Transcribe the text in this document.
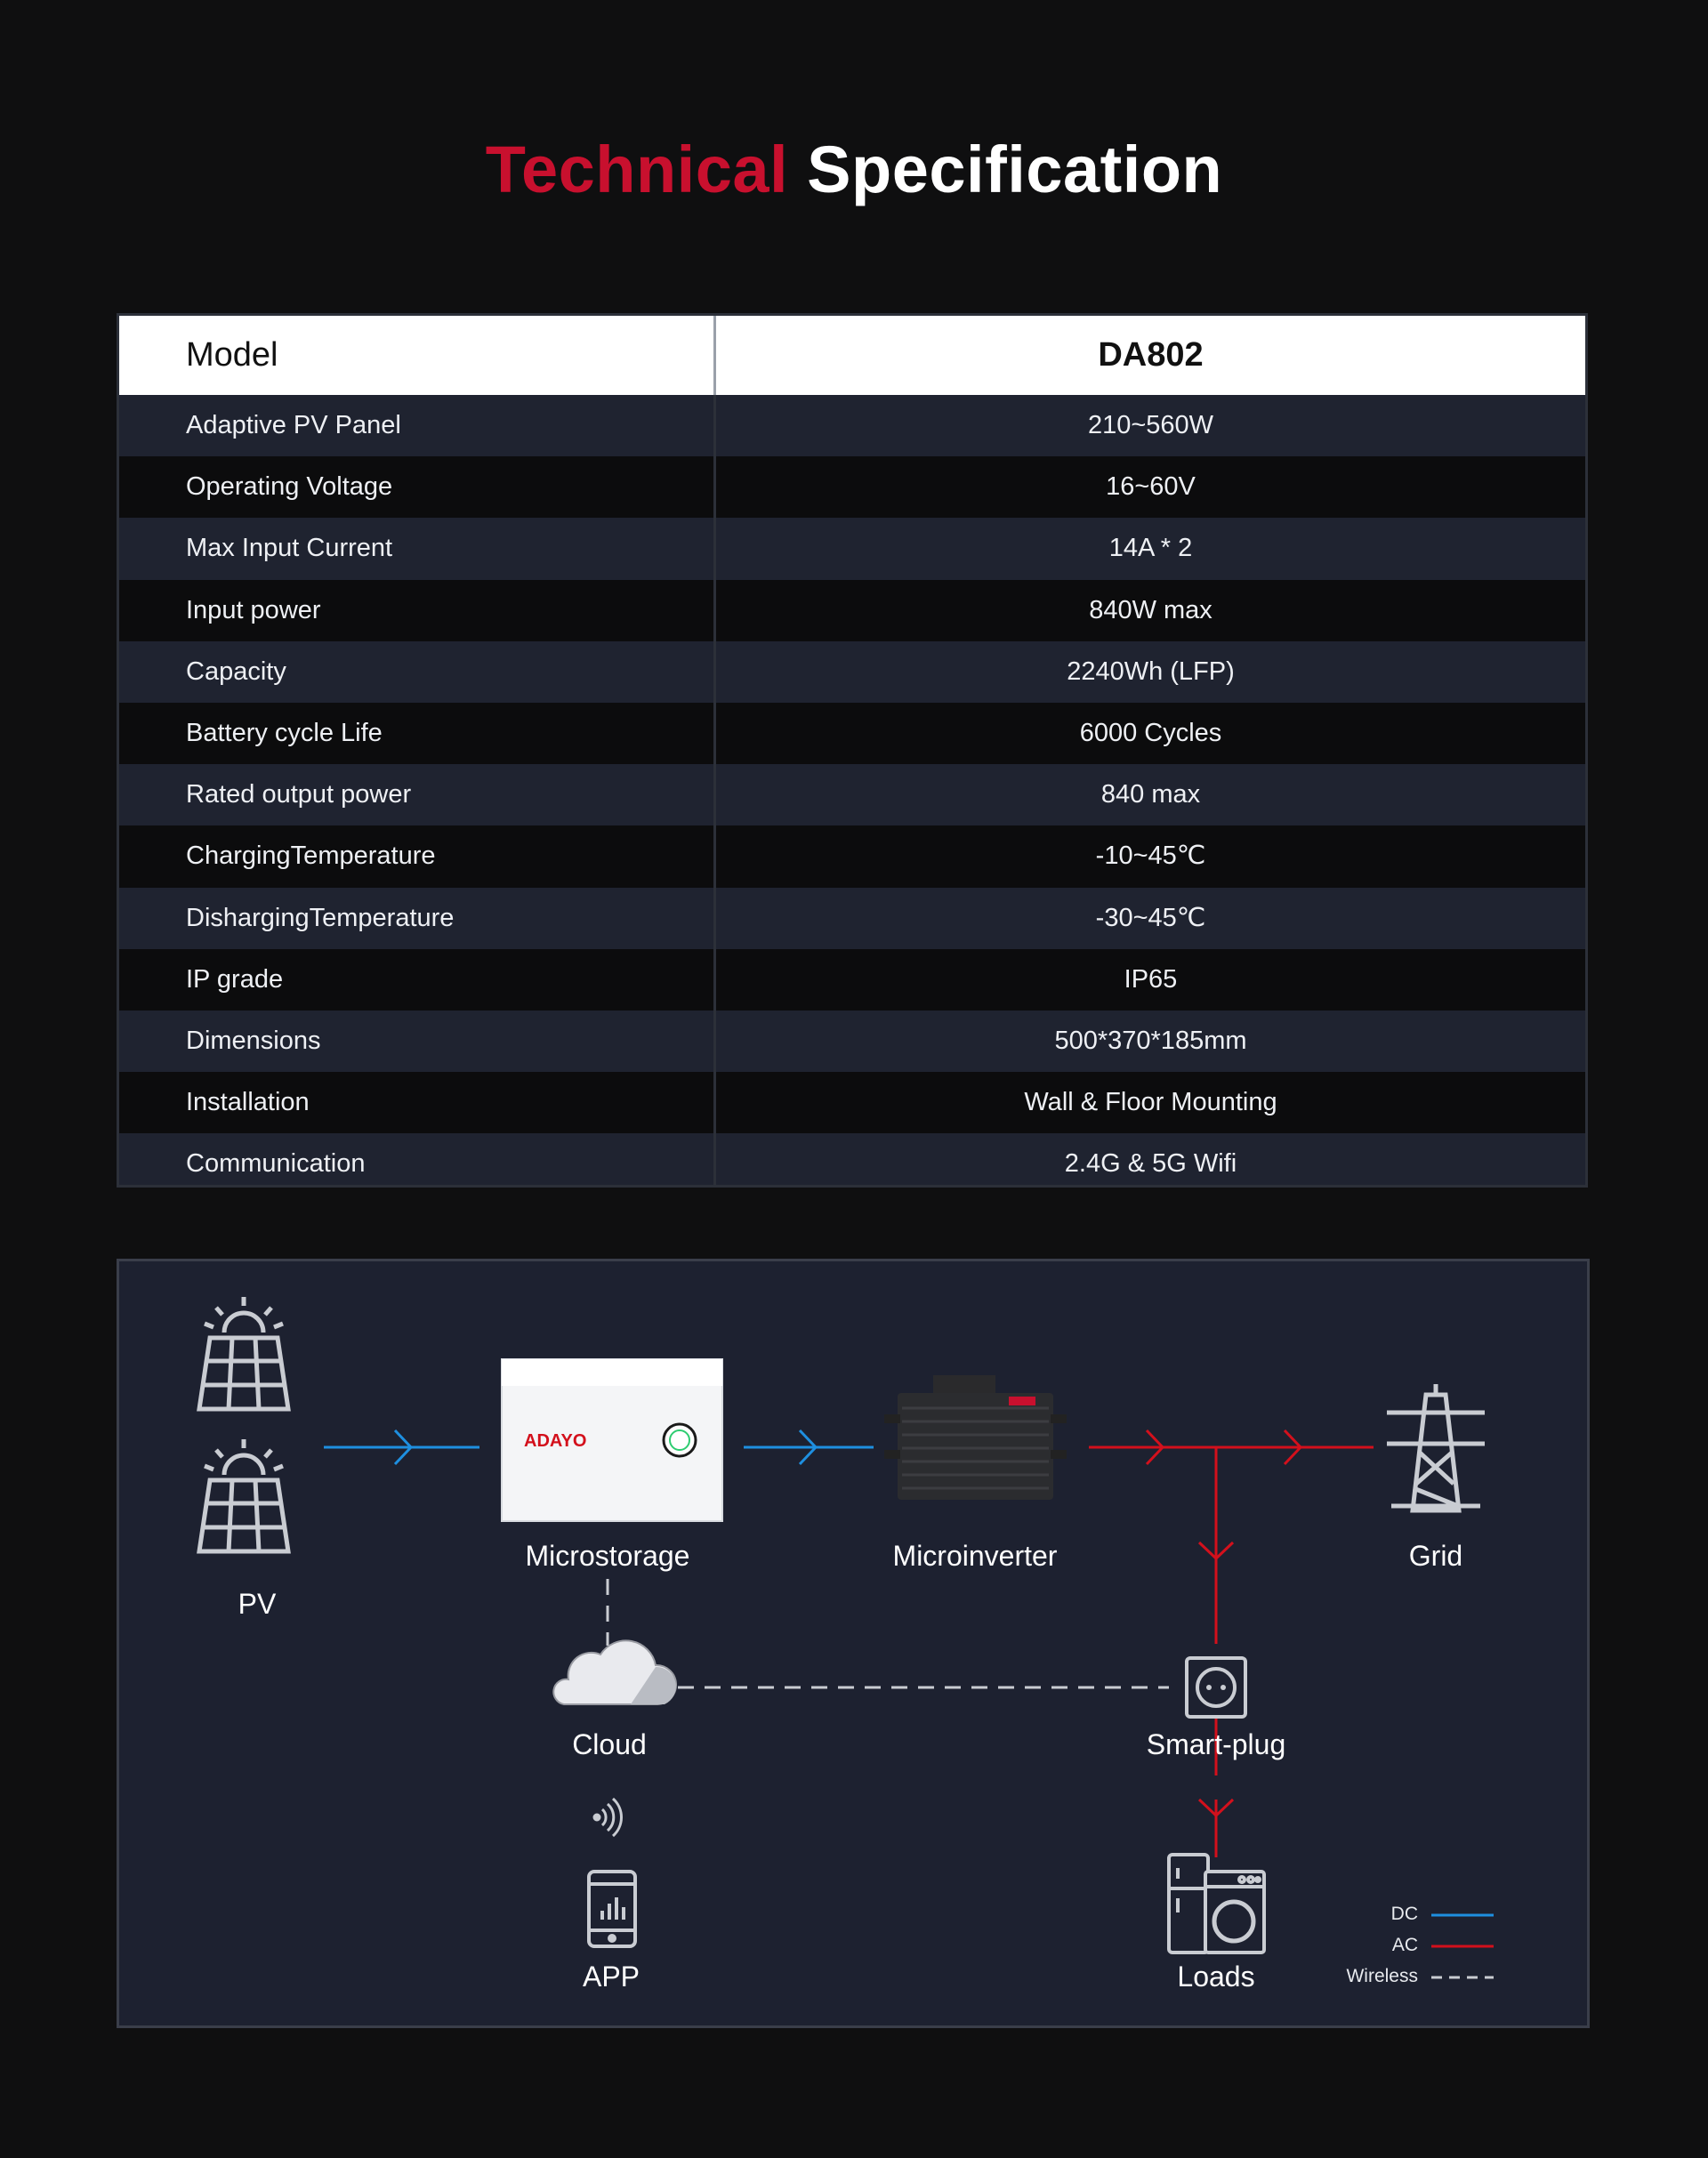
Technical Specification
Model	DA802
Adaptive PV Panel	210~560W
Operating Voltage	16~60V
Max Input Current	14A * 2
Input power	840W max
Capacity	2240Wh (LFP)
Battery cycle Life	6000 Cycles
Rated output power	840 max
ChargingTemperature	-10~45℃
DishargingTemperature	-30~45℃
IP grade	IP65
Dimensions	500*370*185mm
Installation	Wall & Floor Mounting
Communication	2.4G & 5G Wifi
ADAYO
PV
Microstorage	Microinverter	Grid
Cloud	Smart-plug
APP	Loads
DC
AC
Wireless
